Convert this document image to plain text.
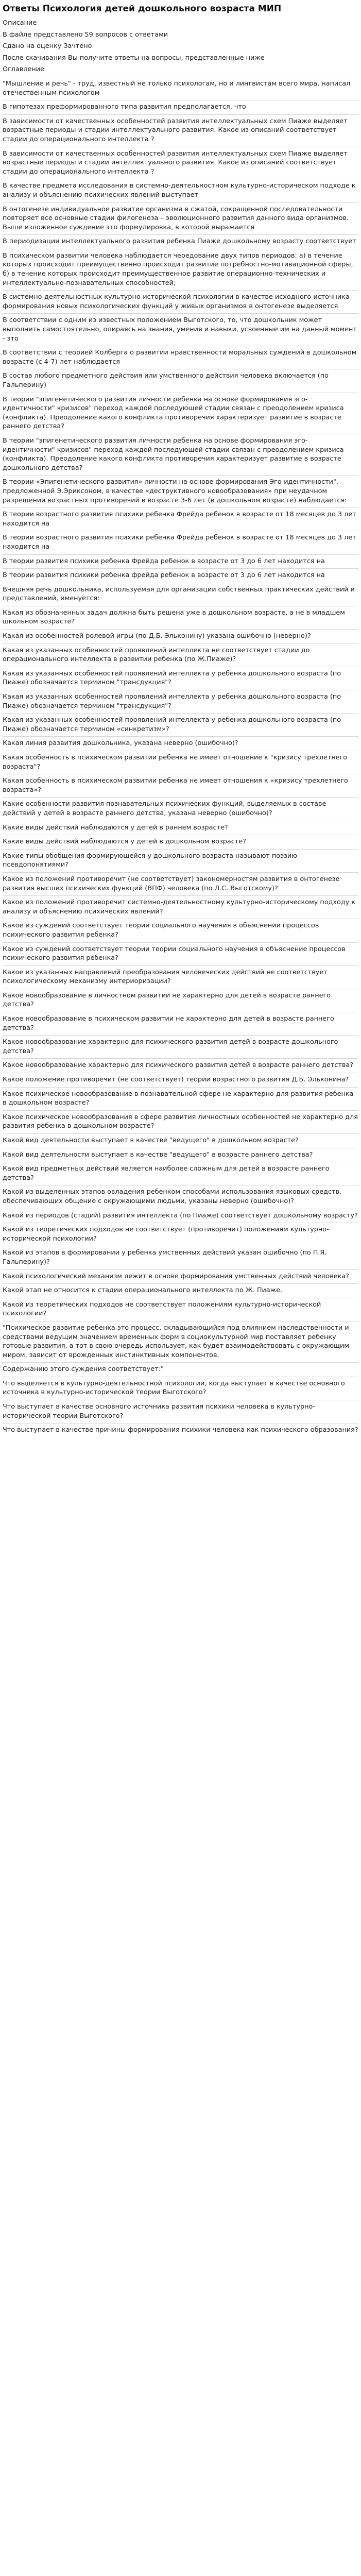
Ответы Психология детей дошкольного возраста МИП
Описание
В файле представлено 59 вопросов с ответами
Сдано на оценку Зачтено
После скачивания Вы получите ответы на вопросы, представленные ниже
Оглавление
"Мышление и речь" - труд, известный не только психологам, но и лингвистам всего мира, написал отечественным психологом
В гипотезах преформированного типа развития предполагается, что
В зависимости от качественных особенностей развития интеллектуальных схем Пиаже выделяет возрастные периоды и стадии интеллектуального развития. Какое из описаний соответствует стадии до операционального интеллекта ?
В зависимости от качественных особенностей развития интеллектуальных схем Пиаже выделяет возрастные периоды и стадии интеллектуального развития. Какое из описаний соответствует стадии до операционального интеллекта ?
В качестве предмета исследования в системно-деятельностном культурно-историческом подходе к анализу и объяснению психических явлений выступает
В онтогенезе индивидуальное развитие организма в сжатой, сокращенной последовательности повторяет все основные стадии филогенеза – эволюционного развития данного вида организмов. Выше изложенное суждение это формулировка, в которой выражается
В периодизации интеллектуального развития ребенка Пиаже дошкольному возрасту соответствует
В психическом развитии человека наблюдается чередование двух типов периодов: а) в течение которых происходит преимущественно происходит развитие потребностно-мотивационной сферы, б) в течение которых происходит преимущественное развитие операционно-технических и интеллектуально-познавательных способностей;
В системно-деятельностных культурно-исторической психологии в качестве исходного источника формирования новых психологических функций у живых организмов в онтогенезе выделяется
В соответствии с одним из известных положением Выготского, то, что дошкольник может выполнить самостоятельно, опираясь на знания, умения и навыки, усвоенные им на данный момент - это
В соответствии с теорией Колберга о развитии нравственности моральных суждений в дошкольном возрасте (с 4-7) лет наблюдается
В состав любого предметного действия или умственного действия человека включается (по Гальперину)
В теории "эпигенетического развития личности ребенка на основе формирования эго-идентичности" кризисов" переход каждой последующей стадии связан с преодолением кризиса (конфликта). Преодоление какого конфликта противоречия характеризует развитие в возрасте раннего детства?
В теории "эпигенетического развития личности ребенка на основе формирования эго-идентичности" кризисов" переход каждой последующей стадии связан с преодолением кризиса (конфликта). Преодоление какого конфликта противоречия характеризует развитие в возрасте дошкольного детства?
В теории «Эпигенетического развития» личности на основе формирования Эго-идентичности", предложенной Э.Эриксоном, в качестве «деструктивного новообразования» при неудачном разрешении возрастных противоречий в возрасте 3-6 лет (в дошкольном возрасте) наблюдается:
В теории возрастного развития психики ребенка Фрейда ребенок в возрасте от 18 месяцев до 3 лет находится на
В теории возрастного развития психики ребенка Фрейда ребенок в возрасте от 18 месяцев до 3 лет находится на
В теории развития психики ребенка Фрейда ребенок в возрасте от 3 до 6 лет находится на
В теории развития психики ребенка фрейда ребенок в возрасте от 3 до 6 лет находится на
Внешняя речь дошкольника, используемая для организации собственных практических действий и представлений, именуется:
Какая из обозначенных задач должна быть решена уже в дошкольном возрасте, а не в младшем школьном возрасте?
Какая из особенностей ролевой игры (по Д.Б. Эльконину) указана ошибочно (неверно)?
Какая из указанных особенностей проявлений интеллекта не соответствует стадии до операционального интеллекта в развитии ребенка (по Ж.Пиаже)?
Какая из указанных особенностей проявлений интеллекта у ребенка дошкольного возраста (по Пиаже) обозначается термином "трансдукция"?
Какая из указанных особенностей проявлений интеллекта у ребенка дошкольного возраста (по Пиаже) обозначается термином "трансдукция"?
Какая из указанных особенностей проявлений интеллекта у ребенка дошкольного возраста (по Пиаже) обозначается термином «синкретизм»?
Какая линия развития дошкольника, указана неверно (ошибочно)?
Какая особенность в психическом развитии ребенка не имеет отношение к "кризису трехлетнего возраста"?
Какая особенность в психическом развитии ребенка не имеет отношения к «кризису трехлетнего возраста»?
Какие особенности развития познавательных психических функций, выделяемых в составе действий у детей в возрасте раннего детства, указана неверно (ошибочно)?
Какие виды действий наблюдаются у детей в раннем возрасте?
Какие виды действий наблюдаются у детей в дошкольном возрасте?
Какие типы обобщения формирующейся у дошкольного возраста называют поэзию псевдопонятиями?
Какое из положений противоречит (не соответствует) закономерностям развития в онтогенезе развития высших психических функций (ВПФ) человека (по Л.С. Выготскому)?
Какое из положений противоречит системно-деятельностному культурно-историческому подходу к анализу и объяснению психических явлений?
Какое из суждений соответствует теории социального научения в объяснении процессов психического развития ребенка?
Какое из суждений соответствует теории теории социального научения в объяснение процессов психического развития ребенка?
Какое из указанных направлений преобразования человеческих действий не соответствует психологическому механизму интериоризации?
Какое новообразование в личностном развитии не характерно для детей в возрасте раннего детства?
Какое новообразование в психическом развитии не характерно для детей в возрасте раннего детства?
Какое новообразование характерно для психического развития детей в возрасте дошкольного детства?
Какое новообразование характерно для психического развития детей в возрасте раннего детства?
Какое положение противоречит (не соответствует) теории возрастного развития Д.Б. Эльконина?
Какое психическое новообразование в познавательной сфере не характерно для развития ребенка в дошкольном возрасте?
Какое психическое новообразования в сфере развития личностных особенностей не характерно для развития ребенка в дошкольном возрасте?
Какой вид деятельности выступает в качестве "ведущего" в дошкольном возрасте?
Какой вид деятельности выступает в качестве "ведущего" в возрасте раннего детства?
Какой вид предметных действий является наиболее сложным для детей в возрасте раннего детства?
Какой из выделенных этапов овладения ребенком способами использования языковых средств, обеспечивающих общение с окружающими людьми, указаны неверно (ошибочно)?
Какой из периодов (стадий) развития интеллекта (по Пиаже) соответствует дошкольному возрасту?
Какой из теоретических подходов не соответствует (противоречит) положениям культурно-исторической психологии?
Какой из этапов в формировании у ребенка умственных действий указан ошибочно (по П.Я. Гальперину)?
Какой психологический механизм лежит в основе формирования умственных действий человека?
Какой этап не относится к стадии операционального интеллекта по Ж. Пиаже.
Какой из теоретических подходов не соответствует положениям культурно-исторической психологии?
"Психическое развитие ребенка это процесс, складывающийся под влиянием наследственности и средствами ведущим значением временных форм в социокультурной мир поставляет ребенку готовые развития, а тот в свою очередь использует, как будет взаимодействовать с окружающим миром, зависит от врожденных инстинктивных компонентов.
Содержанию этого суждения соответствует:"
Что выделяется в культурно-деятельностной психологии, когда выступает в качестве основного источника в культурно-исторической теории Выготского?
Что выступает в качестве основного источника развития психики человека в культурно-исторической теории Выготского?
Что выступает в качестве причины формирования психики человека как психического образования?
